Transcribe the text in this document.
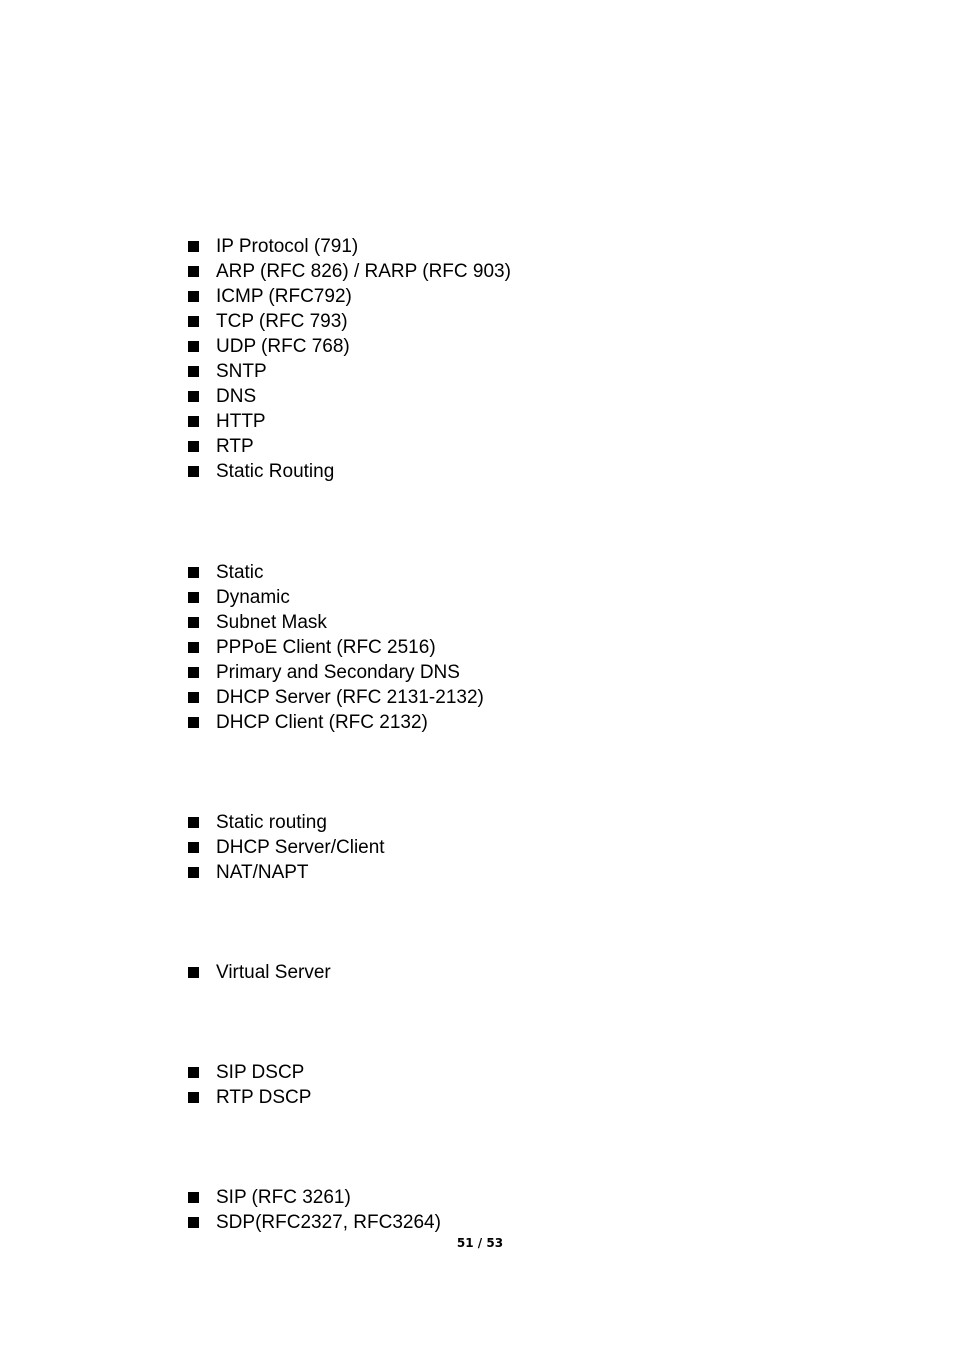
IP Protocol (791)
ARP (RFC 826) / RARP (RFC 903)
ICMP (RFC792)
TCP (RFC 793)
UDP (RFC 768)
SNTP
DNS
HTTP
RTP
Static Routing
Static
Dynamic
Subnet Mask
PPPoE Client (RFC 2516)
Primary and Secondary DNS
DHCP Server (RFC 2131-2132)
DHCP Client (RFC 2132)
Static routing
DHCP Server/Client
NAT/NAPT
Virtual Server
SIP DSCP
RTP DSCP
SIP (RFC 3261)
SDP(RFC2327, RFC3264)
51 / 53
